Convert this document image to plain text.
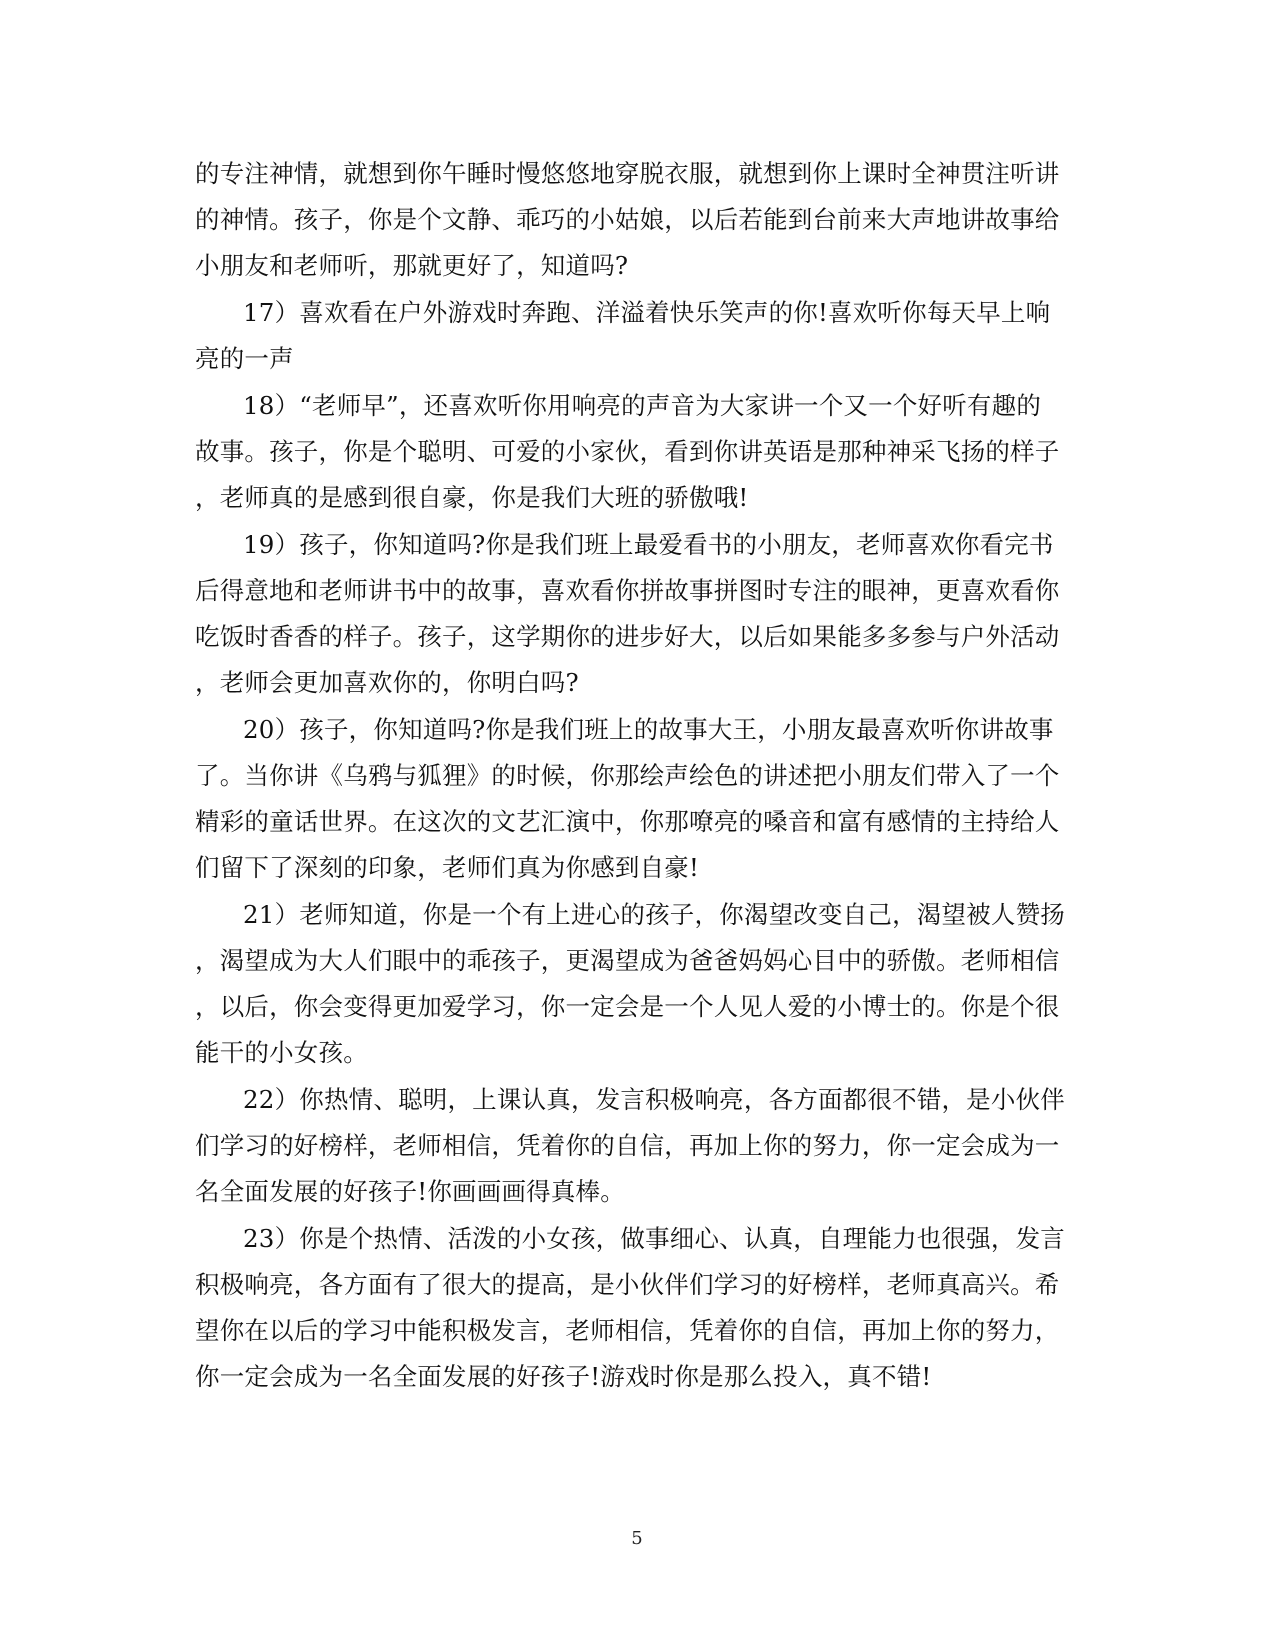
的专注神情，就想到你午睡时慢悠悠地穿脱衣服，就想到你上课时全神贯注听讲
的神情。孩子，你是个文静、乖巧的小姑娘，以后若能到台前来大声地讲故事给
小朋友和老师听，那就更好了，知道吗?
17）喜欢看在户外游戏时奔跑、洋溢着快乐笑声的你!喜欢听你每天早上响
亮的一声
18）“老师早”，还喜欢听你用响亮的声音为大家讲一个又一个好听有趣的
故事。孩子，你是个聪明、可爱的小家伙，看到你讲英语是那种神采飞扬的样子
，老师真的是感到很自豪，你是我们大班的骄傲哦!
19）孩子，你知道吗?你是我们班上最爱看书的小朋友，老师喜欢你看完书
后得意地和老师讲书中的故事，喜欢看你拼故事拼图时专注的眼神，更喜欢看你
吃饭时香香的样子。孩子，这学期你的进步好大，以后如果能多多参与户外活动
，老师会更加喜欢你的，你明白吗?
20）孩子，你知道吗?你是我们班上的故事大王，小朋友最喜欢听你讲故事
了。当你讲《乌鸦与狐狸》的时候，你那绘声绘色的讲述把小朋友们带入了一个
精彩的童话世界。在这次的文艺汇演中，你那嘹亮的嗓音和富有感情的主持给人
们留下了深刻的印象，老师们真为你感到自豪!
21）老师知道，你是一个有上进心的孩子，你渴望改变自己，渴望被人赞扬
，渴望成为大人们眼中的乖孩子，更渴望成为爸爸妈妈心目中的骄傲。老师相信
，以后，你会变得更加爱学习，你一定会是一个人见人爱的小博士的。你是个很
能干的小女孩。
22）你热情、聪明，上课认真，发言积极响亮，各方面都很不错，是小伙伴
们学习的好榜样，老师相信，凭着你的自信，再加上你的努力，你一定会成为一
名全面发展的好孩子!你画画画得真棒。
23）你是个热情、活泼的小女孩，做事细心、认真，自理能力也很强，发言
积极响亮，各方面有了很大的提高，是小伙伴们学习的好榜样，老师真高兴。希
望你在以后的学习中能积极发言，老师相信，凭着你的自信，再加上你的努力，
你一定会成为一名全面发展的好孩子!游戏时你是那么投入，真不错!
5
